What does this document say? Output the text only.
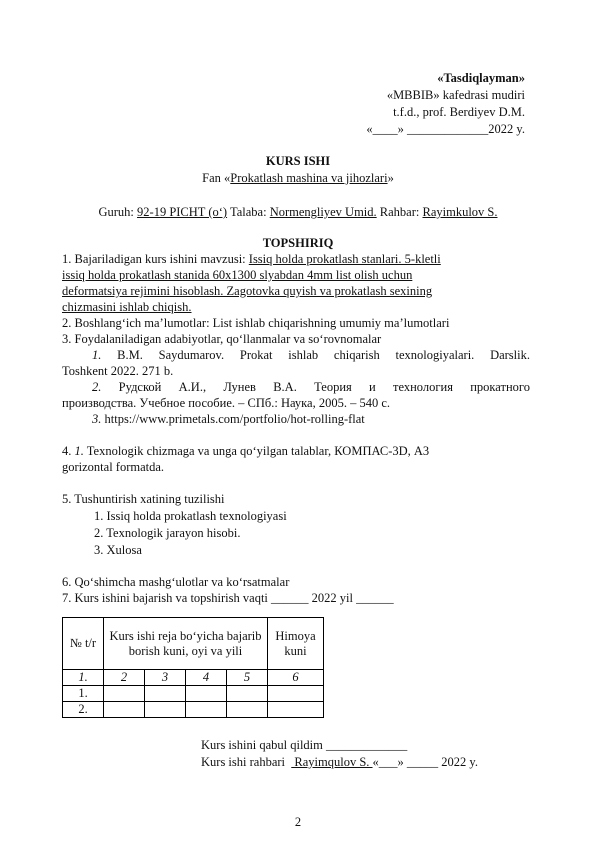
«Tasdiqlayman»
«MBBIB» kafedrasi mudiri
t.f.d., prof. Berdiyev D.M.
«____» _____________2022 y.
KURS ISHI
Fan «Prokatlash mashina va jihozlari»
Guruh: 92-19 PICHT (o‘) Talaba: Normengliyev Umid. Rahbar: Rayimkulov S.
TOPSHIRIQ
1. Bajariladigan kurs ishini mavzusi: Issiq holda prokatlash stanlari. 5-kletli
issiq holda prokatlash stanida 60x1300 slyabdan 4mm list olish uchun
deformatsiya rejimini hisoblash. Zagotovka quyish va prokatlash sexining
chizmasini ishlab chiqish.
2. Boshlang‘ich ma’lumotlar: List ishlab chiqarishning umumiy ma’lumotlari
3. Foydalaniladigan adabiyotlar, qo‘llanmalar va so‘rovnomalar
1. B.M. Saydumarov. Prokat ishlab chiqarish texnologiyalari. Darslik.
Toshkent 2022. 271 b.
2. Рудской А.И., Лунев В.А. Теория и технология прокатного
производства. Учебное пособие. – СПб.: Наука, 2005. – 540 с.
3. https://www.primetals.com/portfolio/hot-rolling-flat
4. 1. Texnologik chizmaga va unga qo‘yilgan talablar, КОМПАС-3D, А3
gorizontal formatda.
5. Tushuntirish xatining tuzilishi
1. Issiq holda prokatlash texnologiyasi
2. Texnologik jarayon hisobi.
3. Xulosa
6. Qo‘shimcha mashg‘ulotlar va ko‘rsatmalar
7. Kurs ishini bajarish va topshirish vaqti ______ 2022 yil ______
№ t/r	Kurs ishi reja bo‘yicha bajarib borish kuni, oyi va yili				Himoya kuni
1.	2	3	4	5	6
1.					
2.					
Kurs ishini qabul qildim _____________
Kurs ishi rahbari   Rayimqulov S. «___» _____ 2022 y.
2
